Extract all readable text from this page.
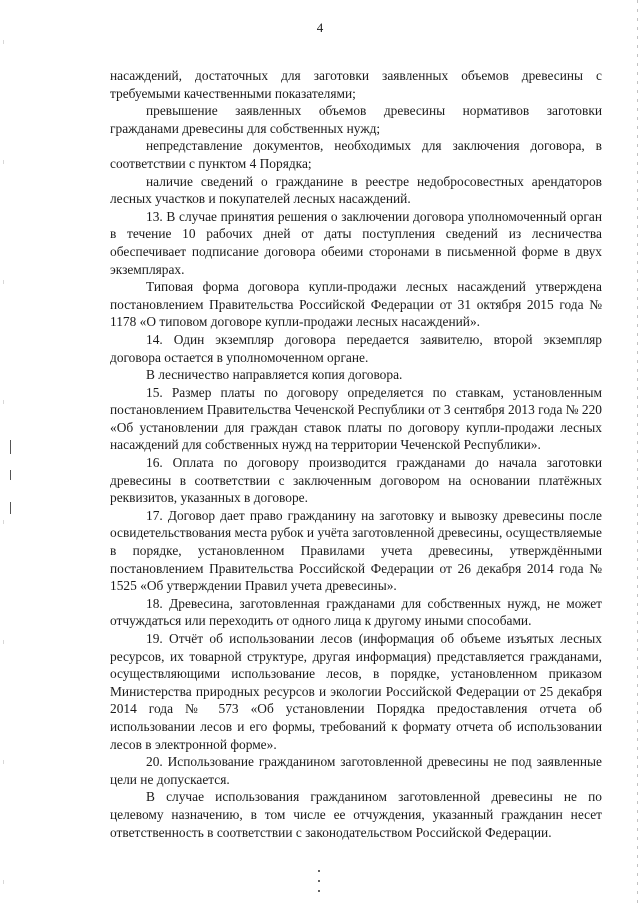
4

насаждений, достаточных для заготовки заявленных объемов древесины с требуемыми качественными показателями;

превышение заявленных объемов древесины нормативов заготовки гражданами древесины для собственных нужд;

непредставление документов, необходимых для заключения договора, в соответствии с пунктом 4 Порядка;

наличие сведений о гражданине в реестре недобросовестных арендаторов лесных участков и покупателей лесных насаждений.

13. В случае принятия решения о заключении договора уполномоченный орган в течение 10 рабочих дней от даты поступления сведений из лесничества обеспечивает подписание договора обеими сторонами в письменной форме в двух экземплярах.

Типовая форма договора купли-продажи лесных насаждений утверждена постановлением Правительства Российской Федерации от 31 октября 2015 года № 1178 «О типовом договоре купли-продажи лесных насаждений».

14. Один экземпляр договора передается заявителю, второй экземпляр договора остается в уполномоченном органе.

В лесничество направляется копия договора.

15. Размер платы по договору определяется по ставкам, установленным постановлением Правительства Чеченской Республики от 3 сентября 2013 года № 220 «Об установлении для граждан ставок платы по договору купли-продажи лесных насаждений для собственных нужд на территории Чеченской Республики».

16. Оплата по договору производится гражданами до начала заготовки древесины в соответствии с заключенным договором на основании платёжных реквизитов, указанных в договоре.

17. Договор дает право гражданину на заготовку и вывозку древесины после освидетельствования места рубок и учёта заготовленной древесины, осуществляемые в порядке, установленном Правилами учета древесины, утверждёнными постановлением Правительства Российской Федерации от 26 декабря 2014 года № 1525 «Об утверждении Правил учета древесины».

18. Древесина, заготовленная гражданами для собственных нужд, не может отчуждаться или переходить от одного лица к другому иными способами.

19. Отчёт об использовании лесов (информация об объеме изъятых лесных ресурсов, их товарной структуре, другая информация) представляется гражданами, осуществляющими использование лесов, в порядке, установленном приказом Министерства природных ресурсов и экологии Российской Федерации от 25 декабря 2014 года № 573 «Об установлении Порядка предоставления отчета об использовании лесов и его формы, требований к формату отчета об использовании лесов в электронной форме».

20. Использование гражданином заготовленной древесины не под заявленные цели не допускается.

В случае использования гражданином заготовленной древесины не по целевому назначению, в том числе ее отчуждения, указанный гражданин несет ответственность в соответствии с законодательством Российской Федерации.
